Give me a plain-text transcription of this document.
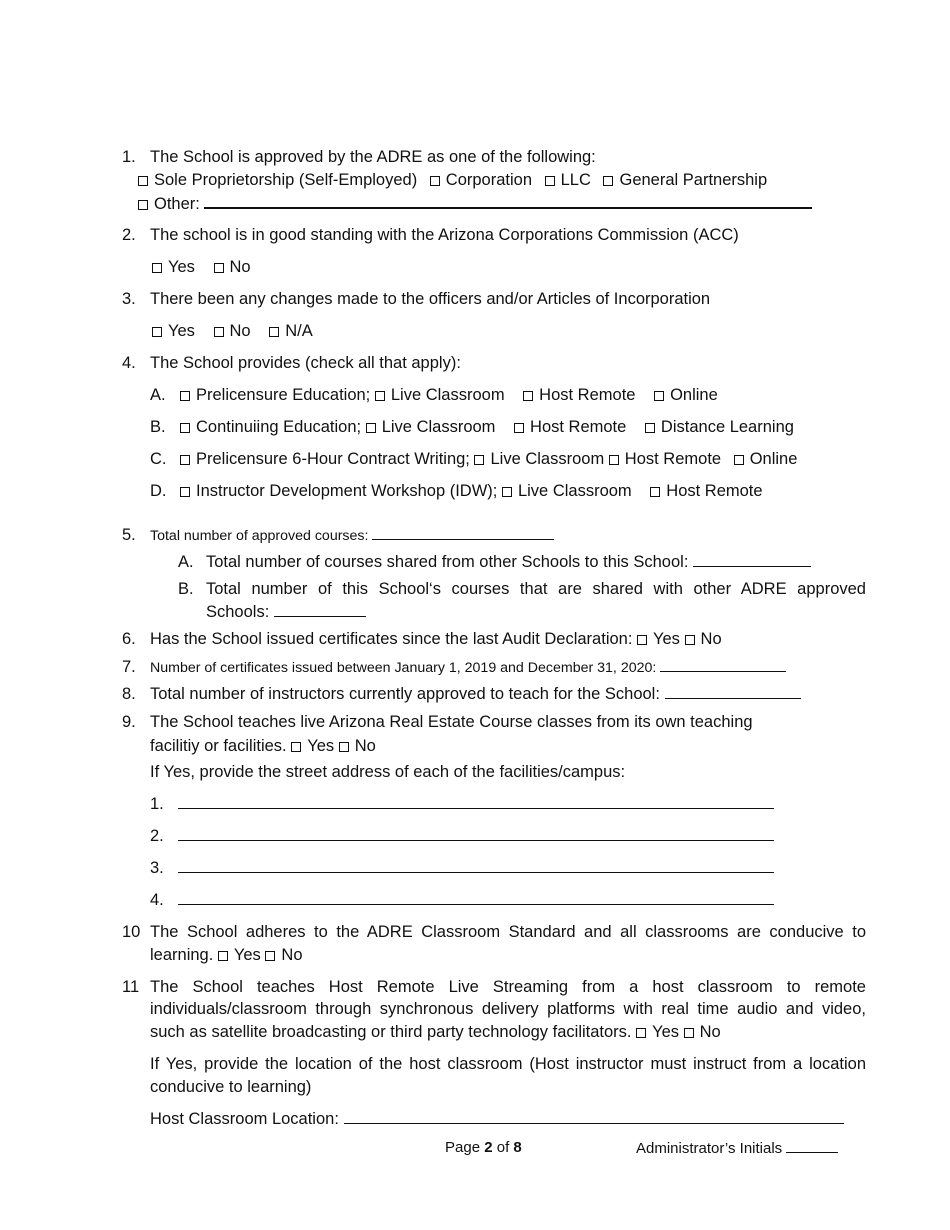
1. The School is approved by the ADRE as one of the following:
Sole Proprietorship (Self-Employed) Corporation LLC General Partnership
Other:
2. The school is in good standing with the Arizona Corporations Commission (ACC)
Yes No
3. There been any changes made to the officers and/or Articles of Incorporation
Yes No N/A
4. The School provides (check all that apply):
A.	Prelicensure Education; Live Classroom Host Remote Online
B.	Continuiing Education; Live Classroom Host Remote Distance Learning
C.	Prelicensure 6-Hour Contract Writing; Live Classroom Host Remote Online
D.	Instructor Development Workshop (IDW); Live Classroom Host Remote
5. Total number of approved courses:
A. Total number of courses shared from other Schools to this School:
B. Total number of this School‘s courses that are shared with other ADRE approved
Schools:
6. Has the School issued certificates since the last Audit Declaration: Yes No
7. Number of certificates issued between January 1, 2019 and December 31, 2020:
8. Total number of instructors currently approved to teach for the School:
9. The School teaches live Arizona Real Estate Course classes from its own teaching
facilitiy or facilities. Yes No
If Yes, provide the street address of each of the facilities/campus:
1.
2.
3.
4.
10 The School adheres to the ADRE Classroom Standard and all classrooms are conducive to
learning. Yes No
11 The School teaches Host Remote Live Streaming from a host classroom to remote
individuals/classroom through synchronous delivery platforms with real time audio and video,
such as satellite broadcasting or third party technology facilitators. Yes No
If Yes, provide the location of the host classroom (Host instructor must instruct from a location
conducive to learning)
Host Classroom Location:
Page 2 of 8	Administrator’s Initials
